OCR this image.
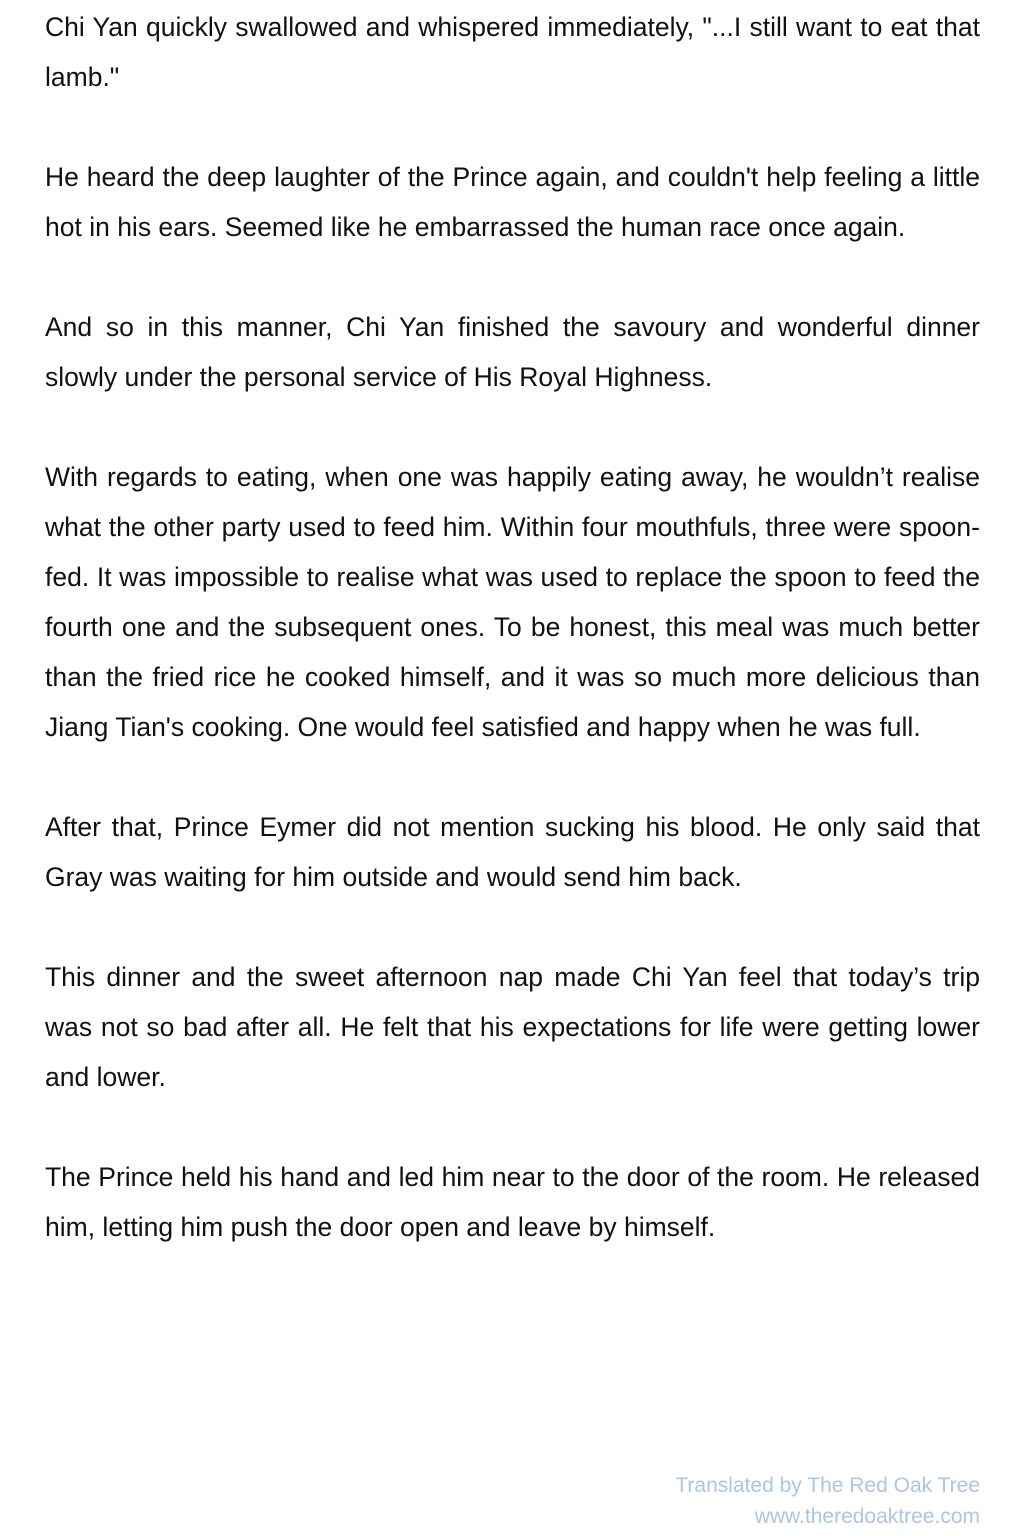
Chi Yan quickly swallowed and whispered immediately, "...I still want to eat that lamb."

He heard the deep laughter of the Prince again, and couldn't help feeling a little hot in his ears. Seemed like he embarrassed the human race once again.

And so in this manner, Chi Yan finished the savoury and wonderful dinner slowly under the personal service of His Royal Highness.

With regards to eating, when one was happily eating away, he wouldn’t realise what the other party used to feed him. Within four mouthfuls, three were spoon-fed. It was impossible to realise what was used to replace the spoon to feed the fourth one and the subsequent ones. To be honest, this meal was much better than the fried rice he cooked himself, and it was so much more delicious than Jiang Tian's cooking. One would feel satisfied and happy when he was full.

After that, Prince Eymer did not mention sucking his blood. He only said that Gray was waiting for him outside and would send him back.

This dinner and the sweet afternoon nap made Chi Yan feel that today’s trip was not so bad after all. He felt that his expectations for life were getting lower and lower.

The Prince held his hand and led him near to the door of the room. He released him, letting him push the door open and leave by himself.

Translated by The Red Oak Tree
www.theredoaktree.com
